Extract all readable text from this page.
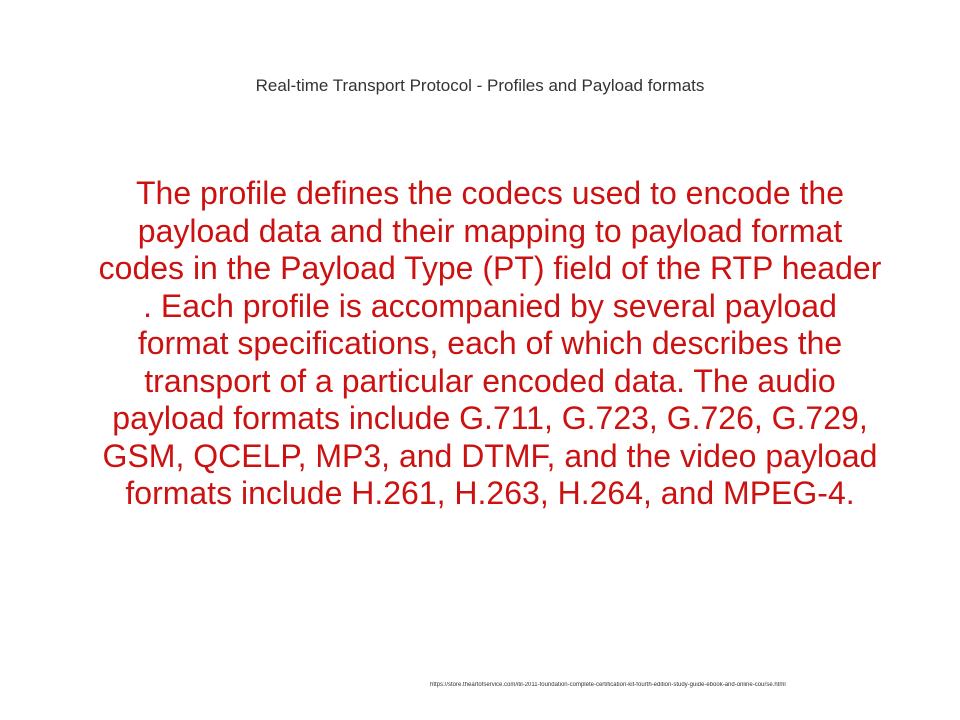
Real-time Transport Protocol - Profiles and Payload formats

The profile defines the codecs used to encode the payload data and their mapping to payload format codes in the Payload Type (PT) field of the RTP header . Each profile is accompanied by several payload format specifications, each of which describes the transport of a particular encoded data. The audio payload formats include G.711, G.723, G.726, G.729, GSM, QCELP, MP3, and DTMF, and the video payload formats include H.261, H.263, H.264, and MPEG-4.

https://store.theartofservice.com/itil-2011-foundation-complete-certification-kit-fourth-edition-study-guide-ebook-and-online-course.html
